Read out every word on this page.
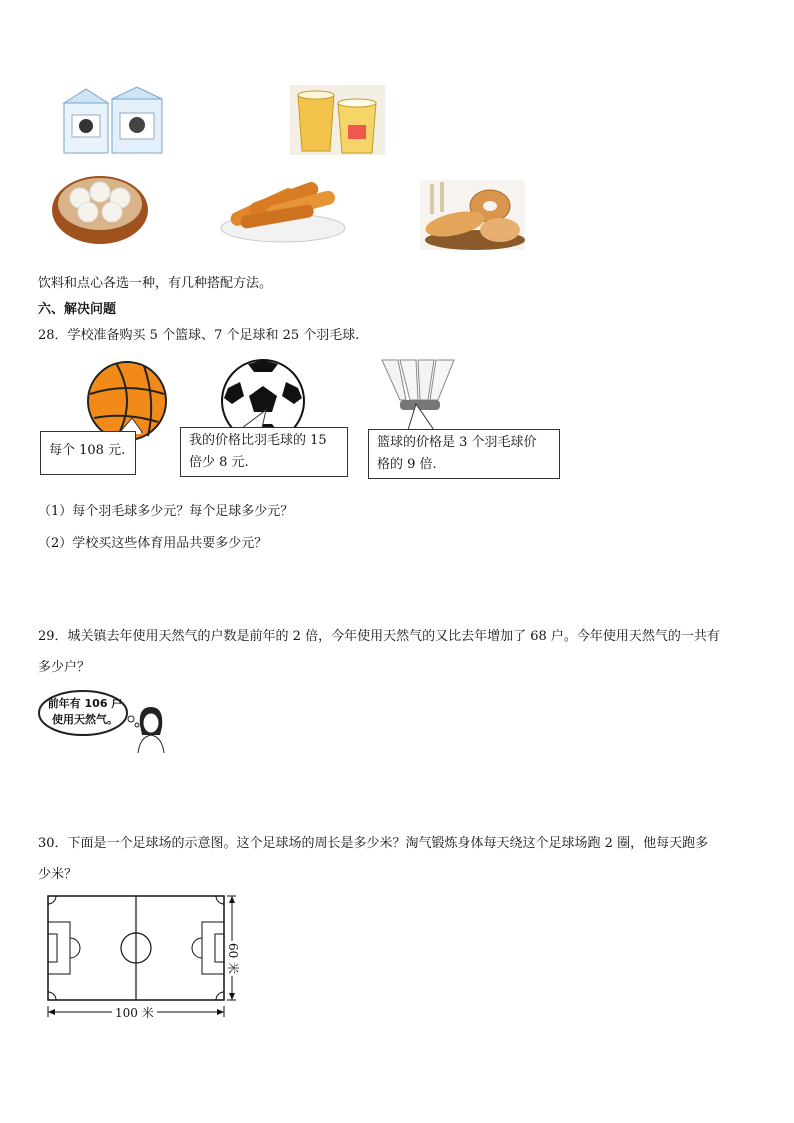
饮料和点心各选一种，有几种搭配方法。
六、解决问题
28．学校准备购买 5 个篮球、7 个足球和 25 个羽毛球.
每个 108 元.
我的价格比羽毛球的 15
倍少 8 元.
篮球的价格是 3 个羽毛球价
格的 9 倍.
（1）每个羽毛球多少元？每个足球多少元？
（2）学校买这些体育用品共要多少元？
29．城关镇去年使用天然气的户数是前年的 2 倍，今年使用天然气的又比去年增加了 68 户。今年使用天然气的一共有
多少户？
前年有 106 户
使用天然气。
30．下面是一个足球场的示意图。这个足球场的周长是多少米？淘气锻炼身体每天绕这个足球场跑 2 圈，他每天跑多
少米？
100 米
60 米
